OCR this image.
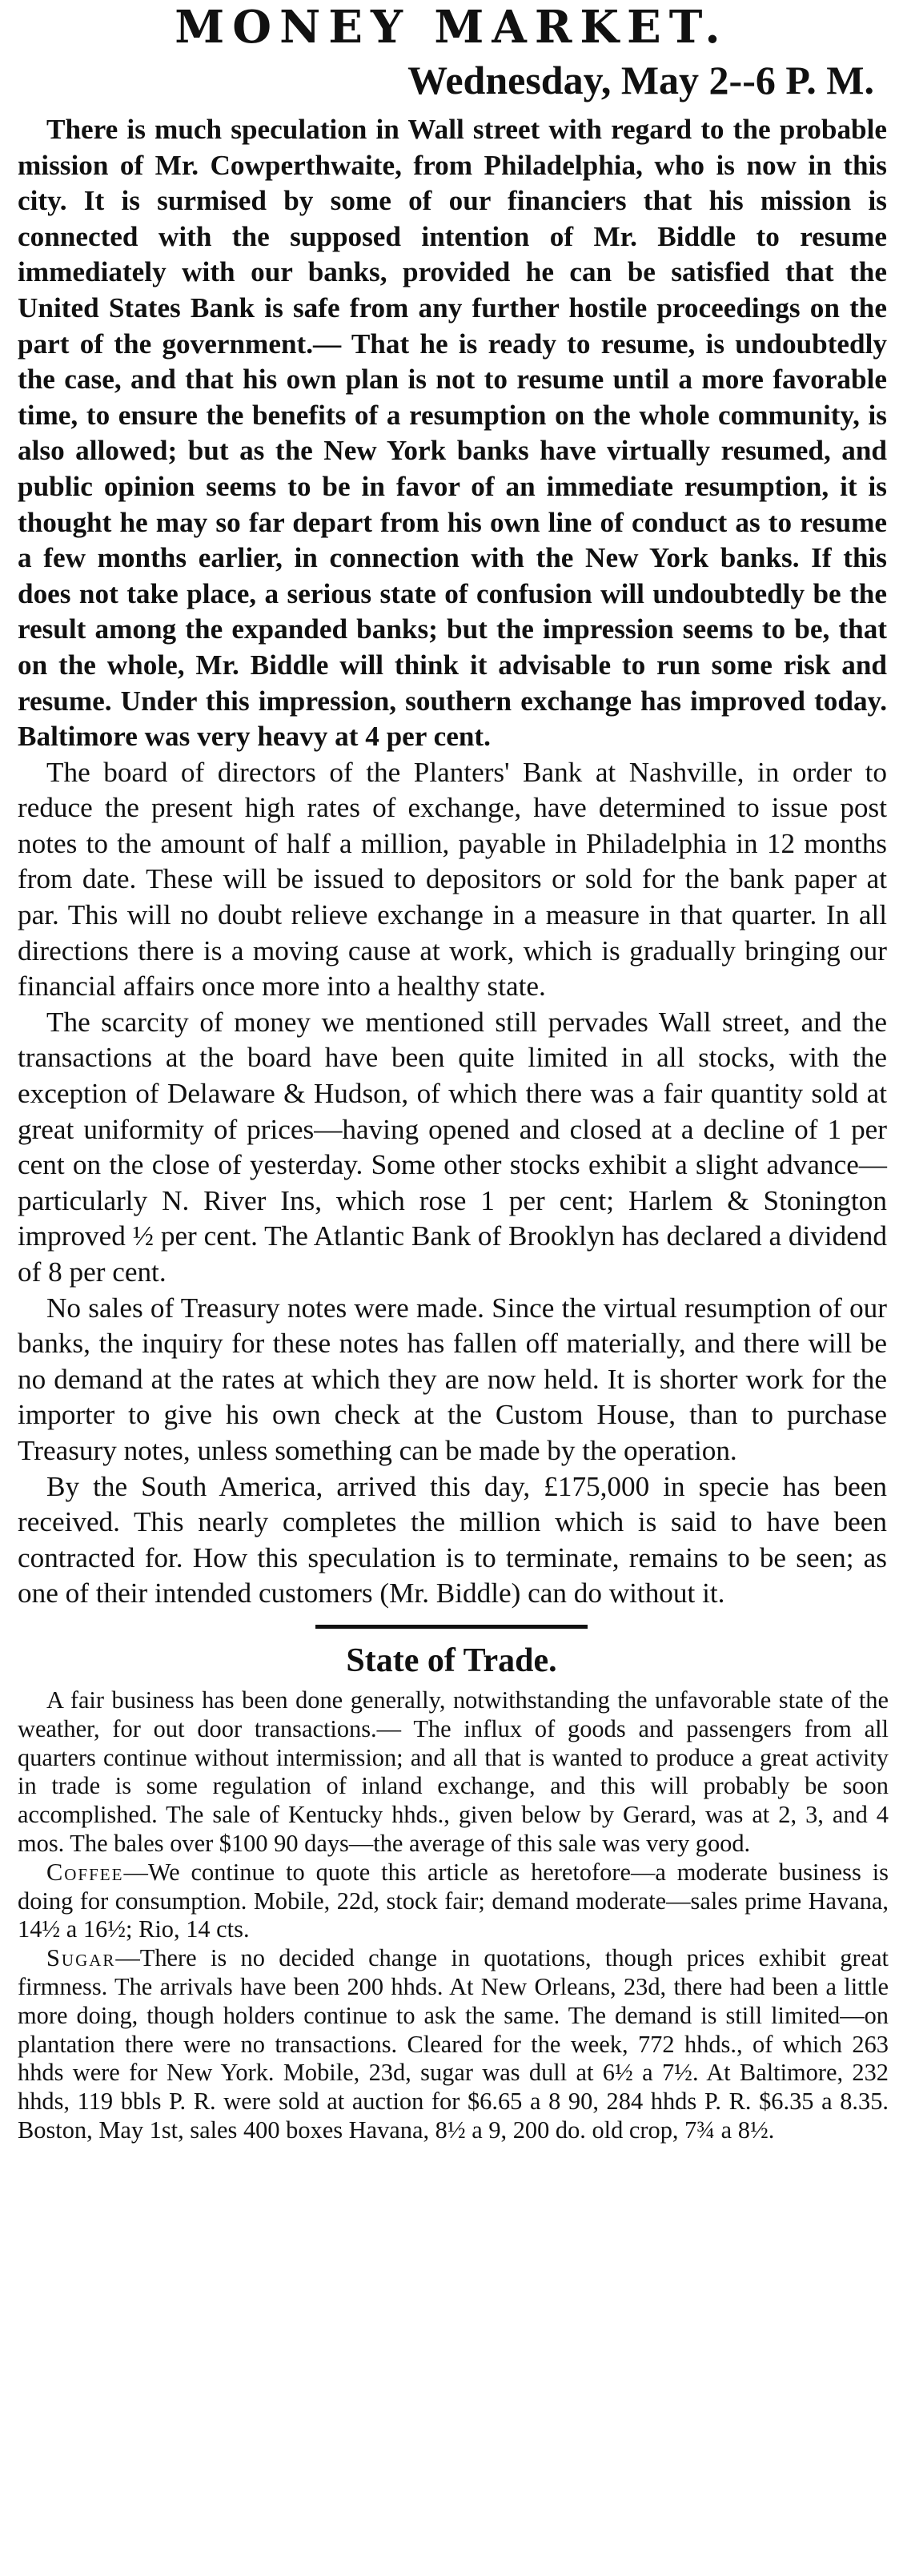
MONEY MARKET.
Wednesday, May 2--6 P. M.

There is much speculation in Wall street with regard to the probable mission of Mr. Cowperthwaite, from Philadelphia, who is now in this city. It is surmised by some of our financiers that his mission is connected with the supposed intention of Mr. Biddle to resume immediately with our banks, provided he can be satisfied that the United States Bank is safe from any further hostile proceedings on the part of the government.— That he is ready to resume, is undoubtedly the case, and that his own plan is not to resume until a more favorable time, to ensure the benefits of a resumption on the whole community, is also allowed; but as the New York banks have virtually resumed, and public opinion seems to be in favor of an immediate resumption, it is thought he may so far depart from his own line of conduct as to resume a few months earlier, in connection with the New York banks. If this does not take place, a serious state of confusion will undoubtedly be the result among the expanded banks; but the impression seems to be, that on the whole, Mr. Biddle will think it advisable to run some risk and resume. Under this impression, southern exchange has improved today. Baltimore was very heavy at 4 per cent.

The board of directors of the Planters' Bank at Nashville, in order to reduce the present high rates of exchange, have determined to issue post notes to the amount of half a million, payable in Philadelphia in 12 months from date. These will be issued to depositors or sold for the bank paper at par. This will no doubt relieve exchange in a measure in that quarter. In all directions there is a moving cause at work, which is gradually bringing our financial affairs once more into a healthy state.

The scarcity of money we mentioned still pervades Wall street, and the transactions at the board have been quite limited in all stocks, with the exception of Delaware & Hudson, of which there was a fair quantity sold at great uniformity of prices—having opened and closed at a decline of 1 per cent on the close of yesterday. Some other stocks exhibit a slight advance—particularly N. River Ins, which rose 1 per cent; Harlem & Stonington improved ½ per cent. The Atlantic Bank of Brooklyn has declared a dividend of 8 per cent.

No sales of Treasury notes were made. Since the virtual resumption of our banks, the inquiry for these notes has fallen off materially, and there will be no demand at the rates at which they are now held. It is shorter work for the importer to give his own check at the Custom House, than to purchase Treasury notes, unless something can be made by the operation.

By the South America, arrived this day, £175,000 in specie has been received. This nearly completes the million which is said to have been contracted for. How this speculation is to terminate, remains to be seen; as one of their intended customers (Mr. Biddle) can do without it.

State of Trade.

A fair business has been done generally, notwithstanding the unfavorable state of the weather, for out door transactions.— The influx of goods and passengers from all quarters continue without intermission; and all that is wanted to produce a great activity in trade is some regulation of inland exchange, and this will probably be soon accomplished. The sale of Kentucky hhds., given below by Gerard, was at 2, 3, and 4 mos. The bales over $100 90 days—the average of this sale was very good.

Coffee—We continue to quote this article as heretofore—a moderate business is doing for consumption. Mobile, 22d, stock fair; demand moderate—sales prime Havana, 14½ a 16½; Rio, 14 cts.

Sugar—There is no decided change in quotations, though prices exhibit great firmness. The arrivals have been 200 hhds. At New Orleans, 23d, there had been a little more doing, though holders continue to ask the same. The demand is still limited—on plantation there were no transactions. Cleared for the week, 772 hhds., of which 263 hhds were for New York. Mobile, 23d, sugar was dull at 6½ a 7½. At Baltimore, 232 hhds, 119 bbls P. R. were sold at auction for $6.65 a 8 90, 284 hhds P. R. $6.35 a 8.35. Boston, May 1st, sales 400 boxes Havana, 8½ a 9, 200 do. old crop, 7¾ a 8½.
